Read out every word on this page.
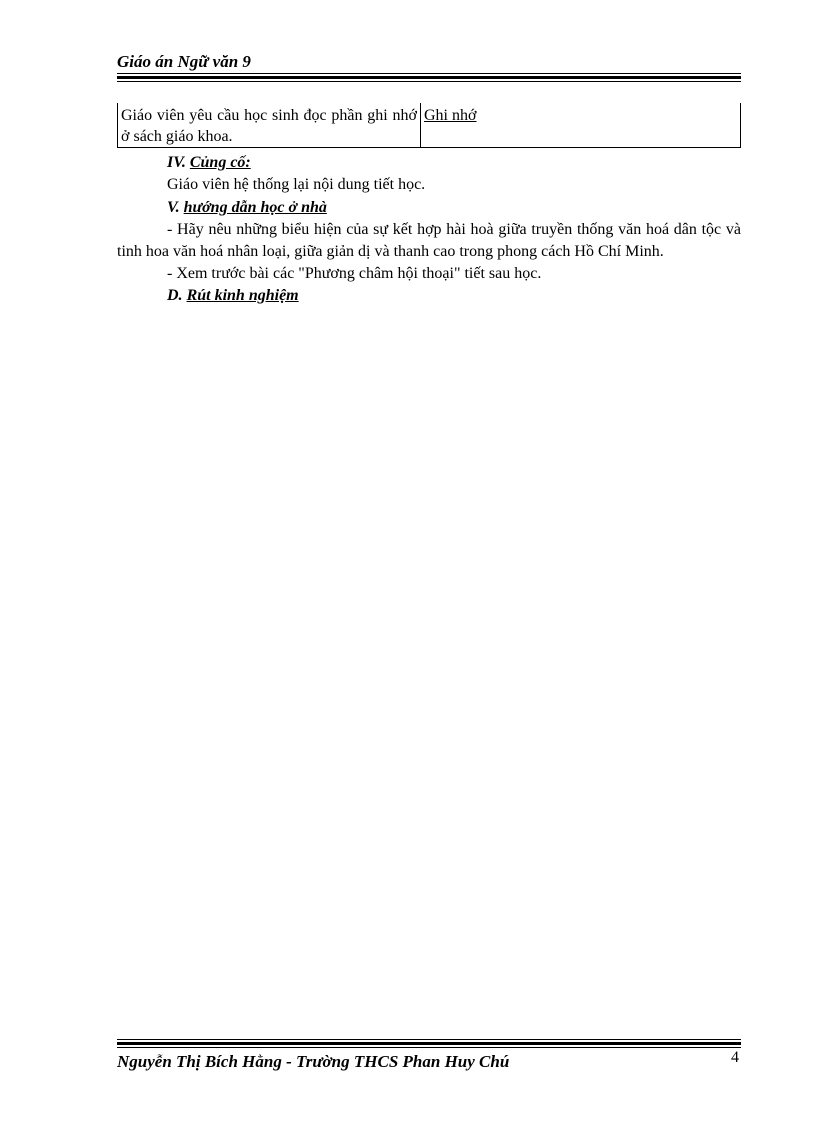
Giáo án Ngữ văn 9
Giáo viên yêu cầu học sinh đọc phần ghi nhớ ở sách giáo khoa.	Ghi nhớ
IV. Củng cố:
Giáo viên hệ thống lại nội dung tiết học.
V. hướng dẫn học ở nhà
- Hãy nêu những biểu hiện của sự kết hợp hài hoà giữa truyền thống văn hoá dân tộc và tinh hoa văn hoá nhân loại, giữa giản dị và thanh cao trong phong cách Hồ Chí Minh.
- Xem trước bài các "Phương châm hội thoại" tiết sau học.
D. Rút kinh nghiệm
Nguyễn Thị Bích Hằng - Trường THCS Phan Huy Chú	4
